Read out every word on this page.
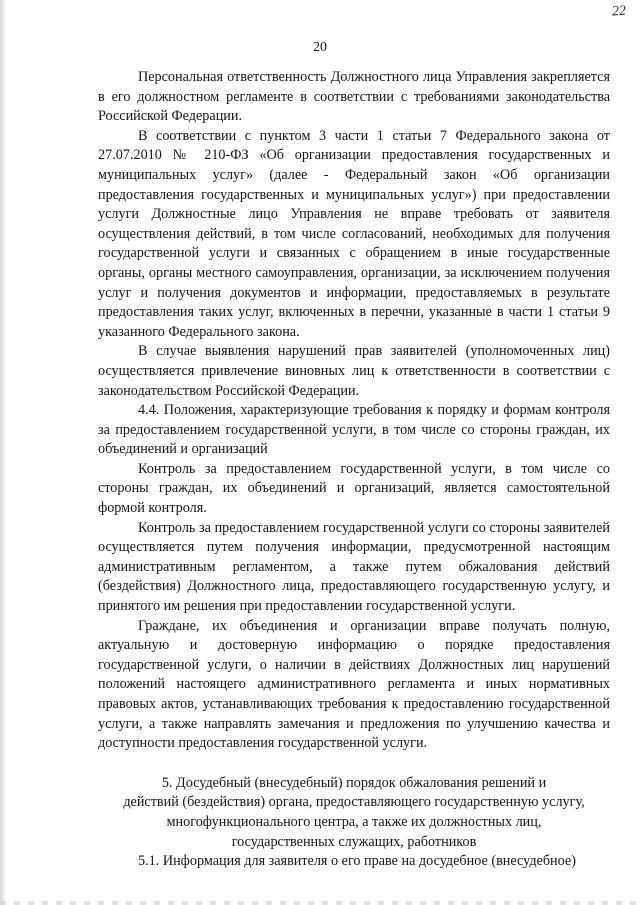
22
20

Персональная ответственность Должностного лица Управления закрепляется в его должностном регламенте в соответствии с требованиями законодательства Российской Федерации.

В соответствии с пунктом 3 части 1 статьи 7 Федерального закона от 27.07.2010 № 210-ФЗ «Об организации предоставления государственных и муниципальных услуг» (далее - Федеральный закон «Об организации предоставления государственных и муниципальных услуг») при предоставлении услуги Должностные лицо Управления не вправе требовать от заявителя осуществления действий, в том числе согласований, необходимых для получения государственной услуги и связанных с обращением в иные государственные органы, органы местного самоуправления, организации, за исключением получения услуг и получения документов и информации, предоставляемых в результате предоставления таких услуг, включенных в перечни, указанные в части 1 статьи 9 указанного Федерального закона.

В случае выявления нарушений прав заявителей (уполномоченных лиц) осуществляется привлечение виновных лиц к ответственности в соответствии с законодательством Российской Федерации.

4.4. Положения, характеризующие требования к порядку и формам контроля за предоставлением государственной услуги, в том числе со стороны граждан, их объединений и организаций

Контроль за предоставлением государственной услуги, в том числе со стороны граждан, их объединений и организаций, является самостоятельной формой контроля.

Контроль за предоставлением государственной услуги со стороны заявителей осуществляется путем получения информации, предусмотренной настоящим административным регламентом, а также путем обжалования действий (бездействия) Должностного лица, предоставляющего государственную услугу, и принятого им решения при предоставлении государственной услуги.

Граждане, их объединения и организации вправе получать полную, актуальную и достоверную информацию о порядке предоставления государственной услуги, о наличии в действиях Должностных лиц нарушений положений настоящего административного регламента и иных нормативных правовых актов, устанавливающих требования к предоставлению государственной услуги, а также направлять замечания и предложения по улучшению качества и доступности предоставления государственной услуги.

5. Досудебный (внесудебный) порядок обжалования решений и
действий (бездействия) органа, предоставляющего государственную услугу,
многофункционального центра, а также их должностных лиц,
государственных служащих, работников

5.1. Информация для заявителя о его праве на досудебное (внесудебное)
